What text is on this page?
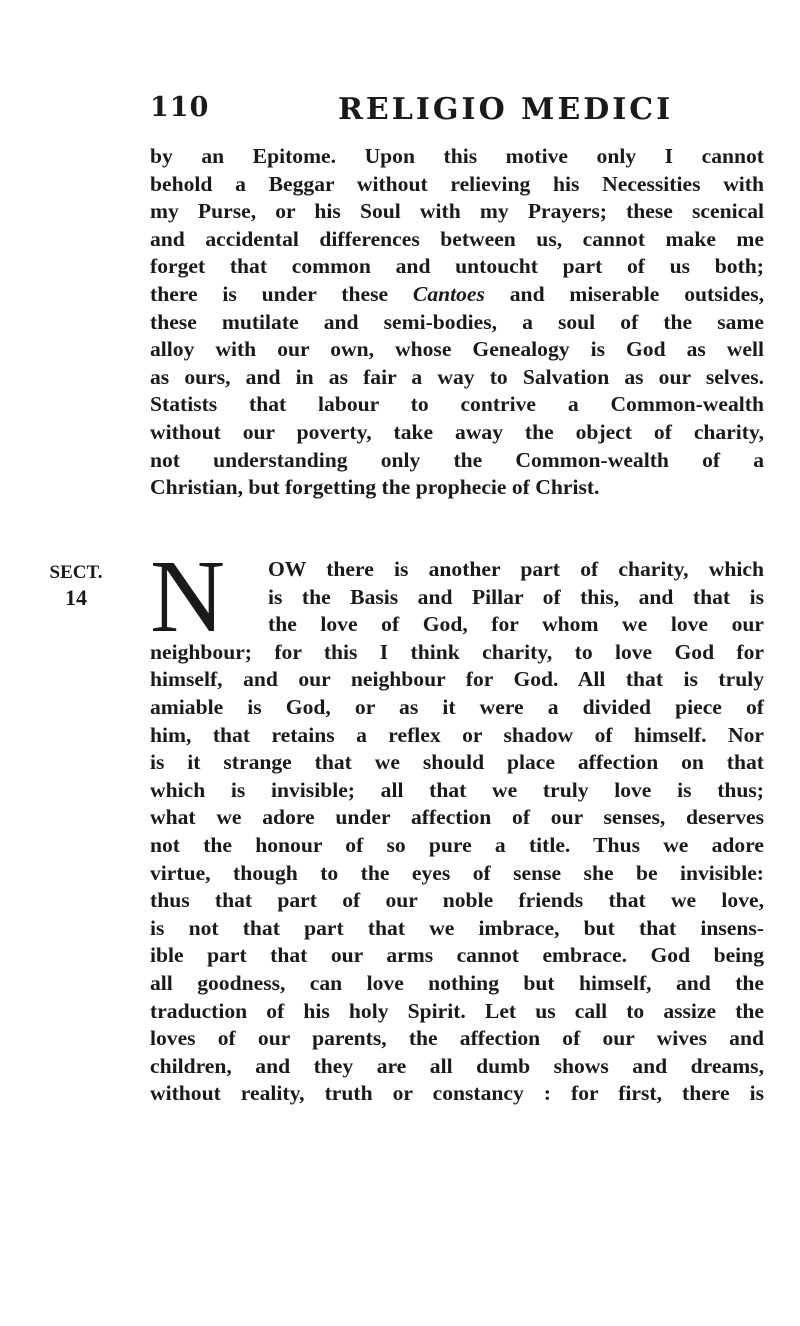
110	RELIGIO MEDICI
by an Epitome. Upon this motive only I cannot
behold a Beggar without relieving his Necessities with
my Purse, or his Soul with my Prayers; these scenical
and accidental differences between us, cannot make me
forget that common and untoucht part of us both;
there is under these Cantoes and miserable outsides,
these mutilate and semi-bodies, a soul of the same
alloy with our own, whose Genealogy is God as well
as ours, and in as fair a way to Salvation as our selves.
Statists that labour to contrive a Common-wealth
without our poverty, take away the object of charity,
not understanding only the Common-wealth of a
Christian, but forgetting the prophecie of Christ.
SECT.
14 N	OW there is another part of charity, which
is the Basis and Pillar of this, and that is
the love of God, for whom we love our
neighbour; for this I think charity, to love God for
himself, and our neighbour for God. All that is truly
amiable is God, or as it were a divided piece of
him, that retains a reflex or shadow of himself. Nor
is it strange that we should place affection on that
which is invisible; all that we truly love is thus;
what we adore under affection of our senses, deserves
not the honour of so pure a title. Thus we adore
virtue, though to the eyes of sense she be invisible:
thus that part of our noble friends that we love,
is not that part that we imbrace, but that insens-
ible part that our arms cannot embrace. God being
all goodness, can love nothing but himself, and the
traduction of his holy Spirit. Let us call to assize the
loves of our parents, the affection of our wives and
children, and they are all dumb shows and dreams,
without reality, truth or constancy : for first, there is
